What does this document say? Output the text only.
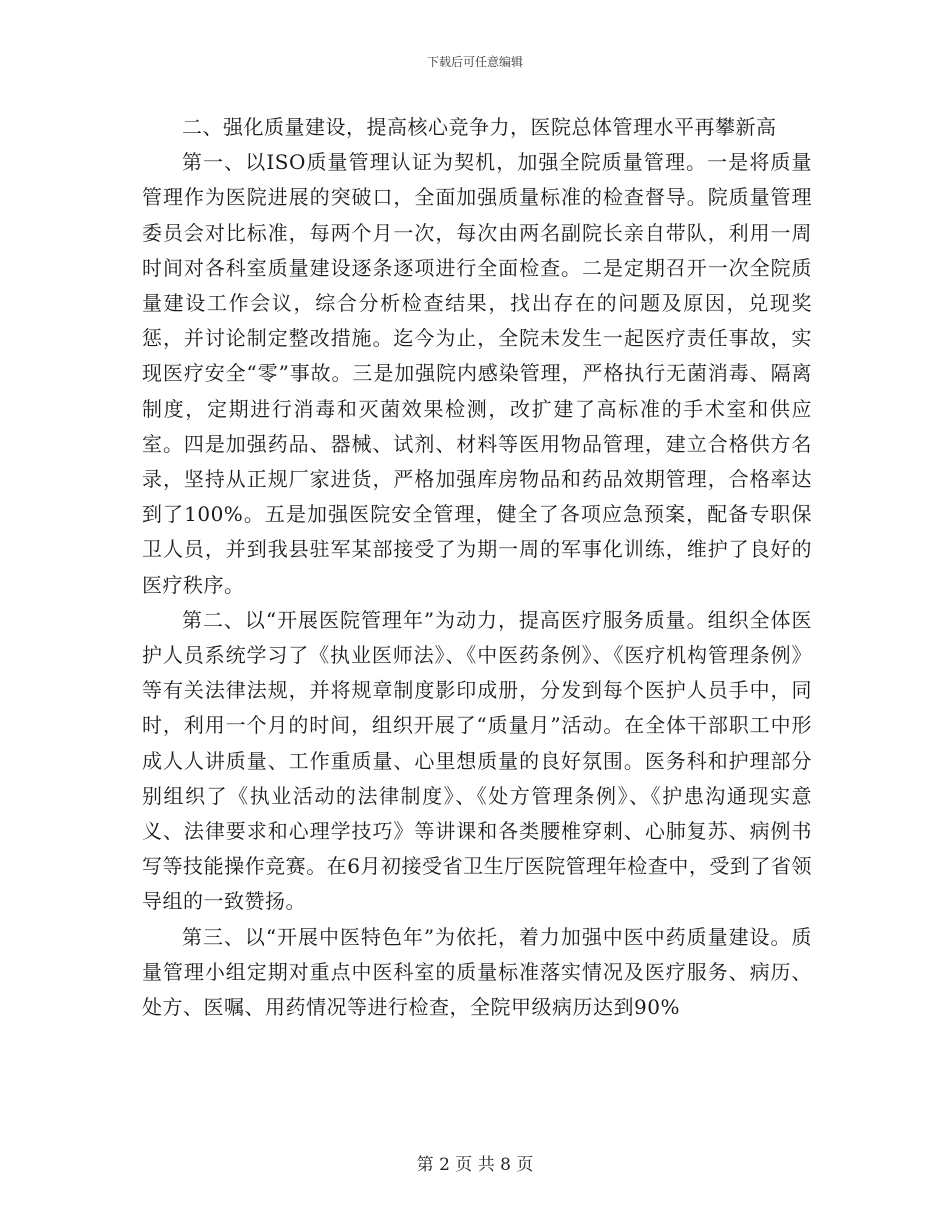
下载后可任意编辑

二、强化质量建设，提高核心竞争力，医院总体管理水平再攀新高

第一、以ISO质量管理认证为契机，加强全院质量管理。一是将质量管理作为医院进展的突破口，全面加强质量标准的检查督导。院质量管理委员会对比标准，每两个月一次，每次由两名副院长亲自带队，利用一周时间对各科室质量建设逐条逐项进行全面检查。二是定期召开一次全院质量建设工作会议，综合分析检查结果，找出存在的问题及原因，兑现奖惩，并讨论制定整改措施。迄今为止，全院未发生一起医疗责任事故，实现医疗安全“零”事故。三是加强院内感染管理，严格执行无菌消毒、隔离制度，定期进行消毒和灭菌效果检测，改扩建了高标准的手术室和供应室。四是加强药品、器械、试剂、材料等医用物品管理，建立合格供方名录，坚持从正规厂家进货，严格加强库房物品和药品效期管理，合格率达到了100%。五是加强医院安全管理，健全了各项应急预案，配备专职保卫人员，并到我县驻军某部接受了为期一周的军事化训练，维护了良好的医疗秩序。

第二、以“开展医院管理年”为动力，提高医疗服务质量。组织全体医护人员系统学习了《执业医师法》、《中医药条例》、《医疗机构管理条例》等有关法律法规，并将规章制度影印成册，分发到每个医护人员手中，同时，利用一个月的时间，组织开展了“质量月”活动。在全体干部职工中形成人人讲质量、工作重质量、心里想质量的良好氛围。医务科和护理部分别组织了《执业活动的法律制度》、《处方管理条例》、《护患沟通现实意义、法律要求和心理学技巧》等讲课和各类腰椎穿刺、心肺复苏、病例书写等技能操作竞赛。在6月初接受省卫生厅医院管理年检查中，受到了省领导组的一致赞扬。

第三、以“开展中医特色年”为依托，着力加强中医中药质量建设。质量管理小组定期对重点中医科室的质量标准落实情况及医疗服务、病历、处方、医嘱、用药情况等进行检查，全院甲级病历达到90%

第 2 页 共 8 页
